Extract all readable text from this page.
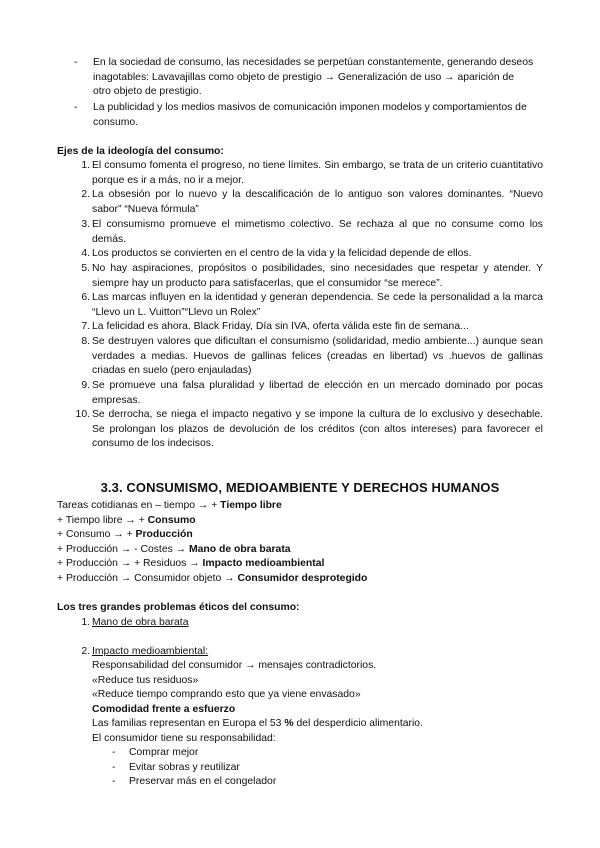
-	En la sociedad de consumo, las necesidades se perpetúan constantemente, generando deseos inagotables: Lavavajillas como objeto de prestigio → Generalización de uso → aparición de otro objeto de prestigio.
-	La publicidad y los medios masivos de comunicación imponen modelos y comportamientos de consumo.
Ejes de la ideología del consumo:
1. El consumo fomenta el progreso, no tiene límites. Sin embargo, se trata de un criterio cuantitativo porque es ir a más, no ir a mejor.
2. La obsesión por lo nuevo y la descalificación de lo antiguo son valores dominantes. “Nuevo sabor” “Nueva fórmula”
3. El consumismo promueve el mimetismo colectivo. Se rechaza al que no consume como los demás.
4. Los productos se convierten en el centro de la vida y la felicidad depende de ellos.
5. No hay aspiraciones, propósitos o posibilidades, sino necesidades que respetar y atender. Y siempre hay un producto para satisfacerlas, que el consumidor “se merece”.
6. Las marcas influyen en la identidad y generan dependencia. Se cede la personalidad a la marca “Llevo un L. Vuitton”“Llevo un Rolex”
7. La felicidad es ahora. Black Friday, Día sin IVA, oferta válida este fin de semana...
8. Se destruyen valores que dificultan el consumismo (solidaridad, medio ambiente...) aunque sean verdades a medias. Huevos de gallinas felices (creadas en libertad) vs .huevos de gallinas criadas en suelo (pero enjauladas)
9. Se promueve una falsa pluralidad y libertad de elección en un mercado dominado por pocas empresas.
10. Se derrocha, se niega el impacto negativo y se impone la cultura de lo exclusivo y desechable. Se prolongan los plazos de devolución de los créditos (con altos intereses) para favorecer el consumo de los indecisos.
3.3. CONSUMISMO, MEDIOAMBIENTE Y DERECHOS HUMANOS
Tareas cotidianas en – tiempo → + Tiempo libre
+ Tiempo libre → + Consumo
+ Consumo → + Producción
+ Producción → - Costes → Mano de obra barata
+ Producción → + Residuos → Impacto medioambiental
+ Producción → Consumidor objeto → Consumidor desprotegido
Los tres grandes problemas éticos del consumo:
1. Mano de obra barata
2. Impacto medioambiental:
Responsabilidad del consumidor → mensajes contradictorios.
«Reduce tus residuos»
«Reduce tiempo comprando esto que ya viene envasado»
Comodidad frente a esfuerzo
Las familias representan en Europa el 53 % del desperdicio alimentario.
El consumidor tiene su responsabilidad:
- Comprar mejor
- Evitar sobras y reutilizar
- Preservar más en el congelador
